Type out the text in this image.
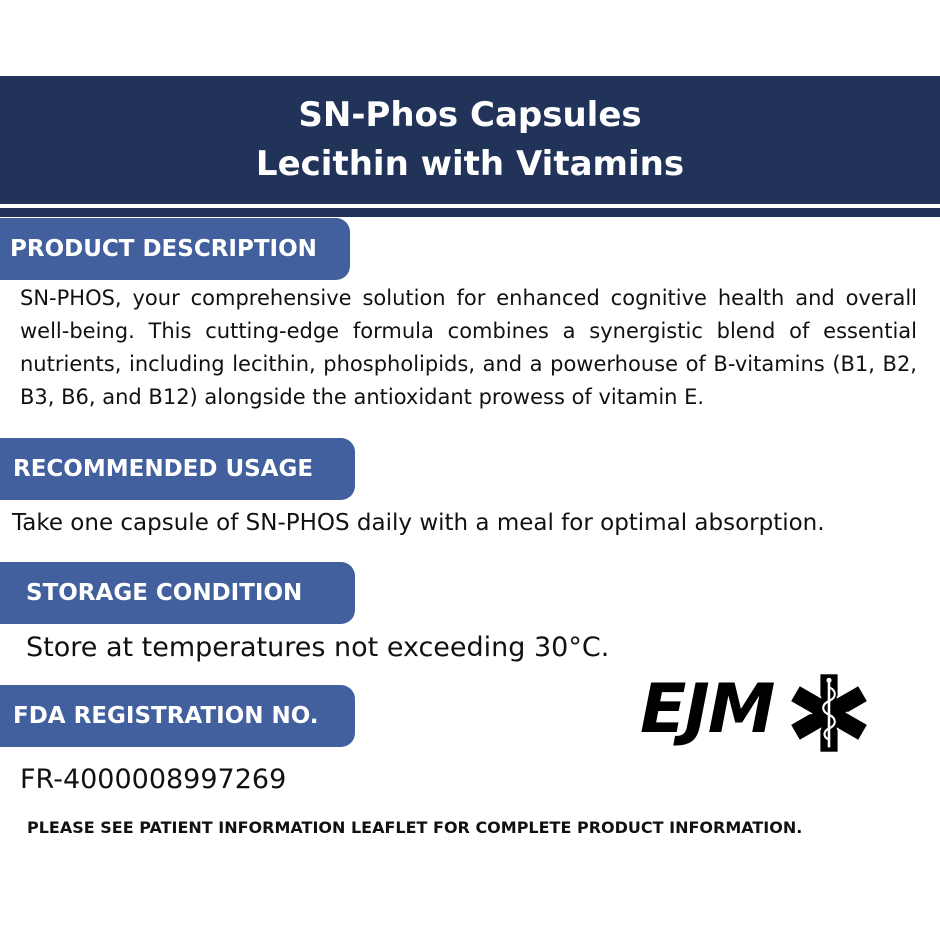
SN-Phos Capsules
Lecithin with Vitamins
PRODUCT DESCRIPTION

SN-PHOS, your comprehensive solution for enhanced cognitive health and overall well-being. This cutting-edge formula combines a synergistic blend of essential nutrients, including lecithin, phospholipids, and a powerhouse of B-vitamins (B1, B2, B3, B6, and B12) alongside the antioxidant prowess of vitamin E.

RECOMMENDED USAGE
Take one capsule of SN-PHOS daily with a meal for optimal absorption.
STORAGE CONDITION
Store at temperatures not exceeding 30°C.
FDA REGISTRATION NO.
FR-4000008997269
EJM
PLEASE SEE PATIENT INFORMATION LEAFLET FOR COMPLETE PRODUCT INFORMATION.
